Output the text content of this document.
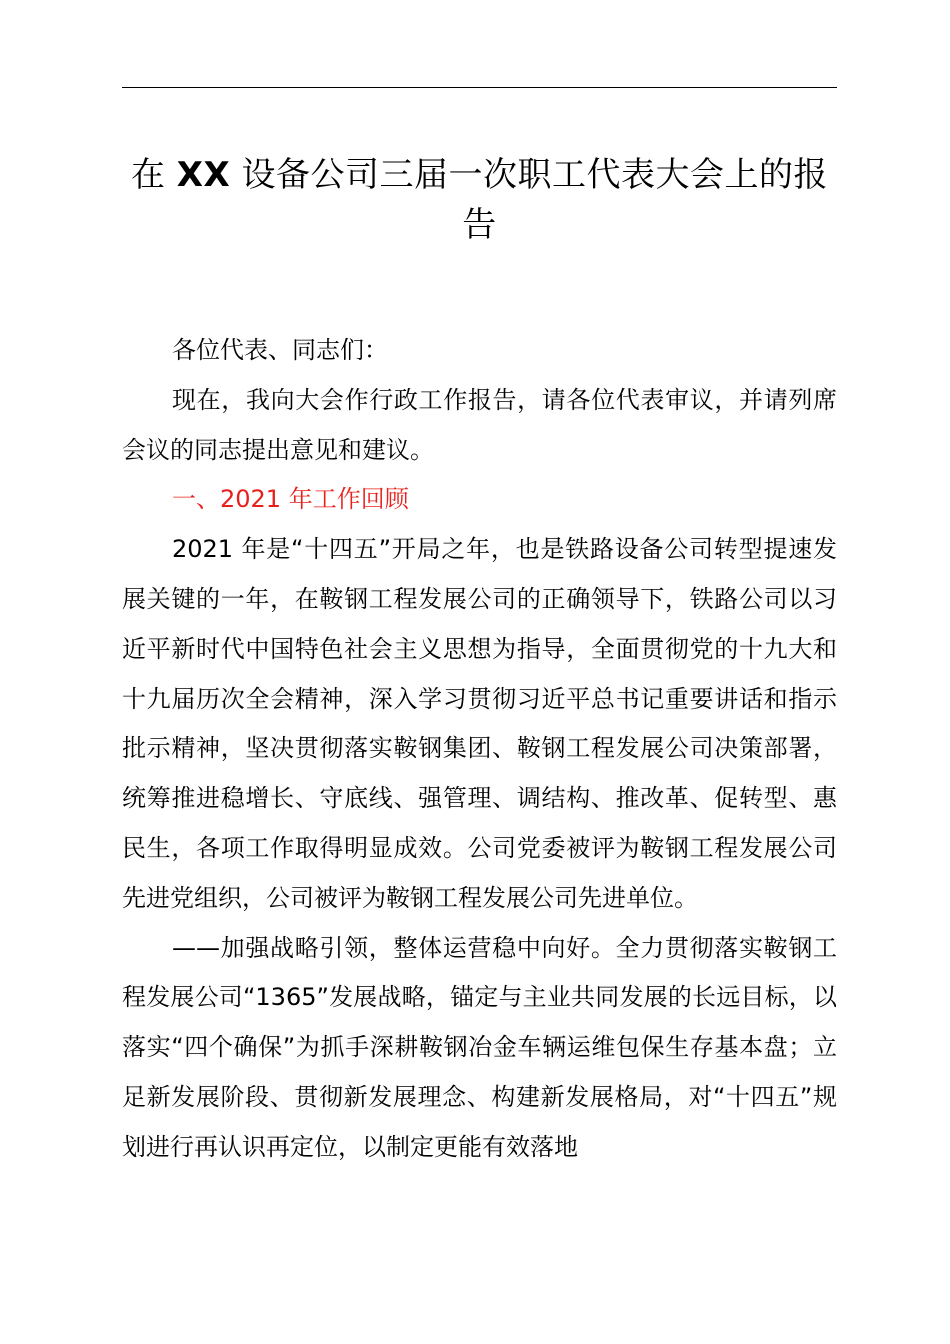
在 XX 设备公司三届一次职工代表大会上的报告

各位代表、同志们：

现在，我向大会作行政工作报告，请各位代表审议，并请列席会议的同志提出意见和建议。

一、2021 年工作回顾

2021 年是“十四五”开局之年，也是铁路设备公司转型提速发展关键的一年，在鞍钢工程发展公司的正确领导下，铁路公司以习近平新时代中国特色社会主义思想为指导，全面贯彻党的十九大和十九届历次全会精神，深入学习贯彻习近平总书记重要讲话和指示批示精神，坚决贯彻落实鞍钢集团、鞍钢工程发展公司决策部署，统筹推进稳增长、守底线、强管理、调结构、推改革、促转型、惠民生，各项工作取得明显成效。公司党委被评为鞍钢工程发展公司先进党组织，公司被评为鞍钢工程发展公司先进单位。

——加强战略引领，整体运营稳中向好。全力贯彻落实鞍钢工程发展公司“1365”发展战略，锚定与主业共同发展的长远目标，以落实“四个确保”为抓手深耕鞍钢冶金车辆运维包保生存基本盘；立足新发展阶段、贯彻新发展理念、构建新发展格局，对“十四五”规划进行再认识再定位，以制定更能有效落地
